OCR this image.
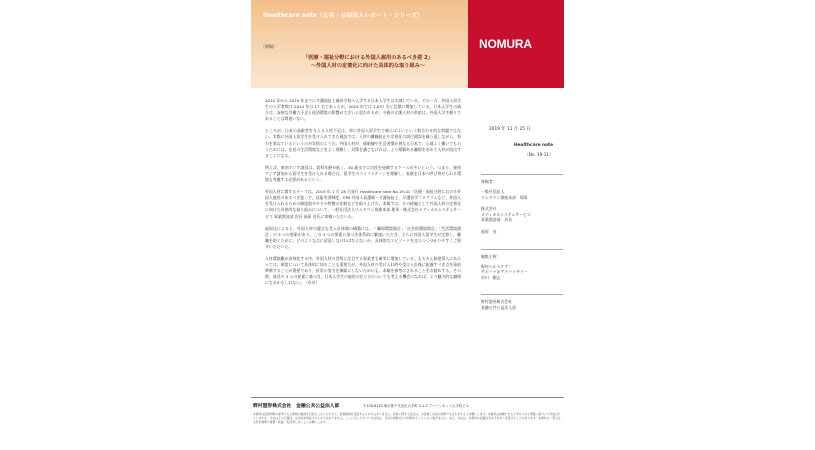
Healthcare note（公共・公益法人レポート・シリーズ）
（寄稿）
「医療・福祉分野における外国人雇用のあるべき姿 2」
～外国人材の定着化に向けた具体的な取り組み～
NOMURA

2014 年から 2019 年までに介護福祉士養成学校へ入学する日本人学生は半減している。その一方、外国人留学生の入学者数は 2014 年は 17 名であったが、2019 年では 2,037 名と急激に増加している。日本人学生の減少は、深刻な労働力不足と経済環境の影響が大きいと思われるが、今後の介護人材の供給は、外国人学生頼りであることは間違いない。

ところが、日本の高齢者を支える人材不足は、単に外国人留学生で補えばよいという数合わせ的な問題ではない。実際に外国人留学生を受け入れてきた施設では、人材の離職防止や定着化の試行錯誤を繰り返しながら、努力を重ねているというのが実情のようだ。外国人材が、価値観や生活習慣が異なる日本で、心地よく働いてもらうためには、住居の生活環境などをよく理解し、対策を講じなければ、より理解ある職場を求めて人材が流出することになる。

例えば、東南アジア諸国は、給料年齢が低く、30 歳までに出産を経験するケースが多いという。つまり、東南アジア諸国から留学生を受け入れる場合は、留学生のライフステージを理解し、家族を日本へ呼び寄せられる環境も考慮する必要があるという。

外国人材に関するテーマは、2019 年 1 月 28 日発行 Healthcare note No.19-01「医療・福祉分野における外国人雇用のあるべき姿」で、技能実習制度、EPA 外国人看護師・介護福祉士、介護留学プログラムなど、外国人を受け入れるための制度紹介やその特徴の比較などを取り上げた。本稿では、その続編として外国人材の定着化に向けた具体的な取り組みについて、一般社団法人ワムタウン推進本部 理事・株式会社メディカルシステムサービス 事業開発部 次長 福原 亮氏に寄稿いただいた。

福原氏によると、外国人材の健全な受入れ体制の構築には、「職場環境満足」「社会的環境満足」「生活環境満足」の 3 つの要素があり、この 3 つの要素に基づき体系的に解説いただき、さらに外国人留学生が定着し、離職を防ぐために、どのような点に留意しなければならないか、具体的なエピソードを交えつつ分かりやすくご紹介いただいた。

人材環境難が深刻化する中、外国人材の登用に注目する事業者も確実に増加している。もちろん制度導入にあたっては、制度について具体的に知ることも重要だが、外国人材の受け入れ時や受け入れ後に配慮すべき点を事前準備することが重要であり、折角の努力を無駄にしないためにも、本稿を参考にされることをお勧めする。その際、前述の 3 つの要素に基づき、日本人学生の雇用の在り方についても考える機会になれば、より魅力的な職場になるかもしれない。（市川）

2019 年 11 月 25 日
Healthcare note
（No. 19-11）
寄稿者：
一般社団法人
ワムタウン推進本部　理事
株式会社
メディカルシステムサービス
事業開発部　次長
福原　亮
編集主幹：
野村ヘルスケア・
サポート＆アドバイザリー
市川　剛志
野村證券株式会社
金融公共公益法人部
野村證券株式会社　金融公共公益法人部	〒100-8130 東京都千代田区大手町 2-2-2 アーバンネット大手町ビル
本資料は投資判断の参考となる情報の提供を目的としたものであり、投資勧誘を意図するものではありません。投資に関する決定は、お客様ご自身の判断でなされますようお願いします。本資料は信頼できると考えられる情報に基づいて作成されていますが、当社はその正確性、完全性を保証するものではありません。ここに示したすべての内容は、当社の現時点での判断を示しているに過ぎません。また、当社は、本資料の記載内容を予告なく変更することがあります。本資料の一部又は全部を無断で複製・転載・転送等しないようお願いします。
